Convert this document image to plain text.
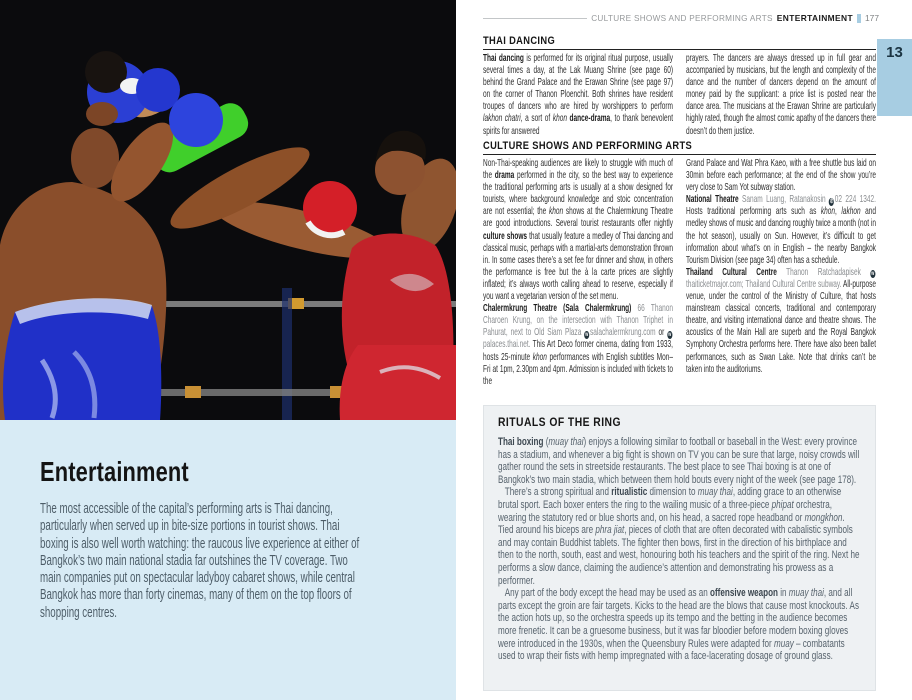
Entertainment

The most accessible of the capital’s performing arts is Thai dancing, particularly when served up in bite-size portions in tourist shows. Thai boxing is also well worth watching: the raucous live experience at either of Bangkok’s two main national stadia far outshines the TV coverage. Two main companies put on spectacular ladyboy cabaret shows, while central Bangkok has more than forty cinemas, many of them on the top floors of shopping centres.

CULTURE SHOWS AND PERFORMING ARTS ENTERTAINMENT 177
13
THAI DANCING

Thai dancing is performed for its original ritual purpose, usually several times a day, at the Lak Muang Shrine (see page 60) behind the Grand Palace and the Erawan Shrine (see page 97) on the corner of Thanon Ploenchit. Both shrines have resident troupes of dancers who are hired by worshippers to perform lakhon chatri, a sort of khon dance-drama, to thank benevolent spirits for answered

prayers. The dancers are always dressed up in full gear and accompanied by musicians, but the length and complexity of the dance and the number of dancers depend on the amount of money paid by the supplicant: a price list is posted near the dance area. The musicians at the Erawan Shrine are particularly highly rated, though the almost comic apathy of the dancers there doesn’t do them justice.

CULTURE SHOWS AND PERFORMING ARTS

Non-Thai-speaking audiences are likely to struggle with much of the drama performed in the city, so the best way to experience the traditional performing arts is usually at a show designed for tourists, where background knowledge and stoic concentration are not essential; the khon shows at the Chalermkrung Theatre are good introductions. Several tourist restaurants offer nightly culture shows that usually feature a medley of Thai dancing and classical music, perhaps with a martial-arts demonstration thrown in. In some cases there’s a set fee for dinner and show, in others the performance is free but the à la carte prices are slightly inflated; it’s always worth calling ahead to reserve, especially if you want a vegetarian version of the set menu.

Chalermkrung Theatre (Sala Chalermkrung) 66 Thanon Charoen Krung, on the intersection with Thanon Triphet in Pahurat, next to Old Siam Plaza w salachalermkrung.com or wpalaces.thai.net. This Art Deco former cinema, dating from 1933, hosts 25-minute khon performances with English subtitles Mon–Fri at 1pm, 2.30pm and 4pm. Admission is included with tickets to the

Grand Palace and Wat Phra Kaeo, with a free shuttle bus laid on 30min before each performance; at the end of the show you’re very close to Sam Yot subway station.

National Theatre Sanam Luang, Ratanakosin ✆ 02 224 1342. Hosts traditional performing arts such as khon, lakhon and medley shows of music and dancing roughly twice a month (not in the hot season), usually on Sun. However, it’s difficult to get information about what’s on in English – the nearby Bangkok Tourism Division (see page 34) often has a schedule.

Thailand Cultural Centre Thanon Ratchadapisek wthaiticketmajor.com; Thailand Cultural Centre subway. All-purpose venue, under the control of the Ministry of Culture, that hosts mainstream classical concerts, traditional and contemporary theatre, and visiting international dance and theatre shows. The acoustics of the Main Hall are superb and the Royal Bangkok Symphony Orchestra performs here. There have also been ballet performances, such as Swan Lake. Note that drinks can’t be taken into the auditoriums.

RITUALS OF THE RING

Thai boxing (muay thai) enjoys a following similar to football or baseball in the West: every province has a stadium, and whenever a big fight is shown on TV you can be sure that large, noisy crowds will gather round the sets in streetside restaurants. The best place to see Thai boxing is at one of Bangkok’s two main stadia, which between them hold bouts every night of the week (see page 178).

There’s a strong spiritual and ritualistic dimension to muay thai, adding grace to an otherwise brutal sport. Each boxer enters the ring to the wailing music of a three-piece phipat orchestra, wearing the statutory red or blue shorts and, on his head, a sacred rope headband or mongkhon. Tied around his biceps are phra jiat, pieces of cloth that are often decorated with cabalistic symbols and may contain Buddhist tablets. The fighter then bows, first in the direction of his birthplace and then to the north, south, east and west, honouring both his teachers and the spirit of the ring. Next he performs a slow dance, claiming the audience’s attention and demonstrating his prowess as a performer.

Any part of the body except the head may be used as an offensive weapon in muay thai, and all parts except the groin are fair targets. Kicks to the head are the blows that cause most knockouts. As the action hots up, so the orchestra speeds up its tempo and the betting in the audience becomes more frenetic. It can be a gruesome business, but it was far bloodier before modern boxing gloves were introduced in the 1930s, when the Queensbury Rules were adapted for muay – combatants used to wrap their fists with hemp impregnated with a face-lacerating dosage of ground glass.
